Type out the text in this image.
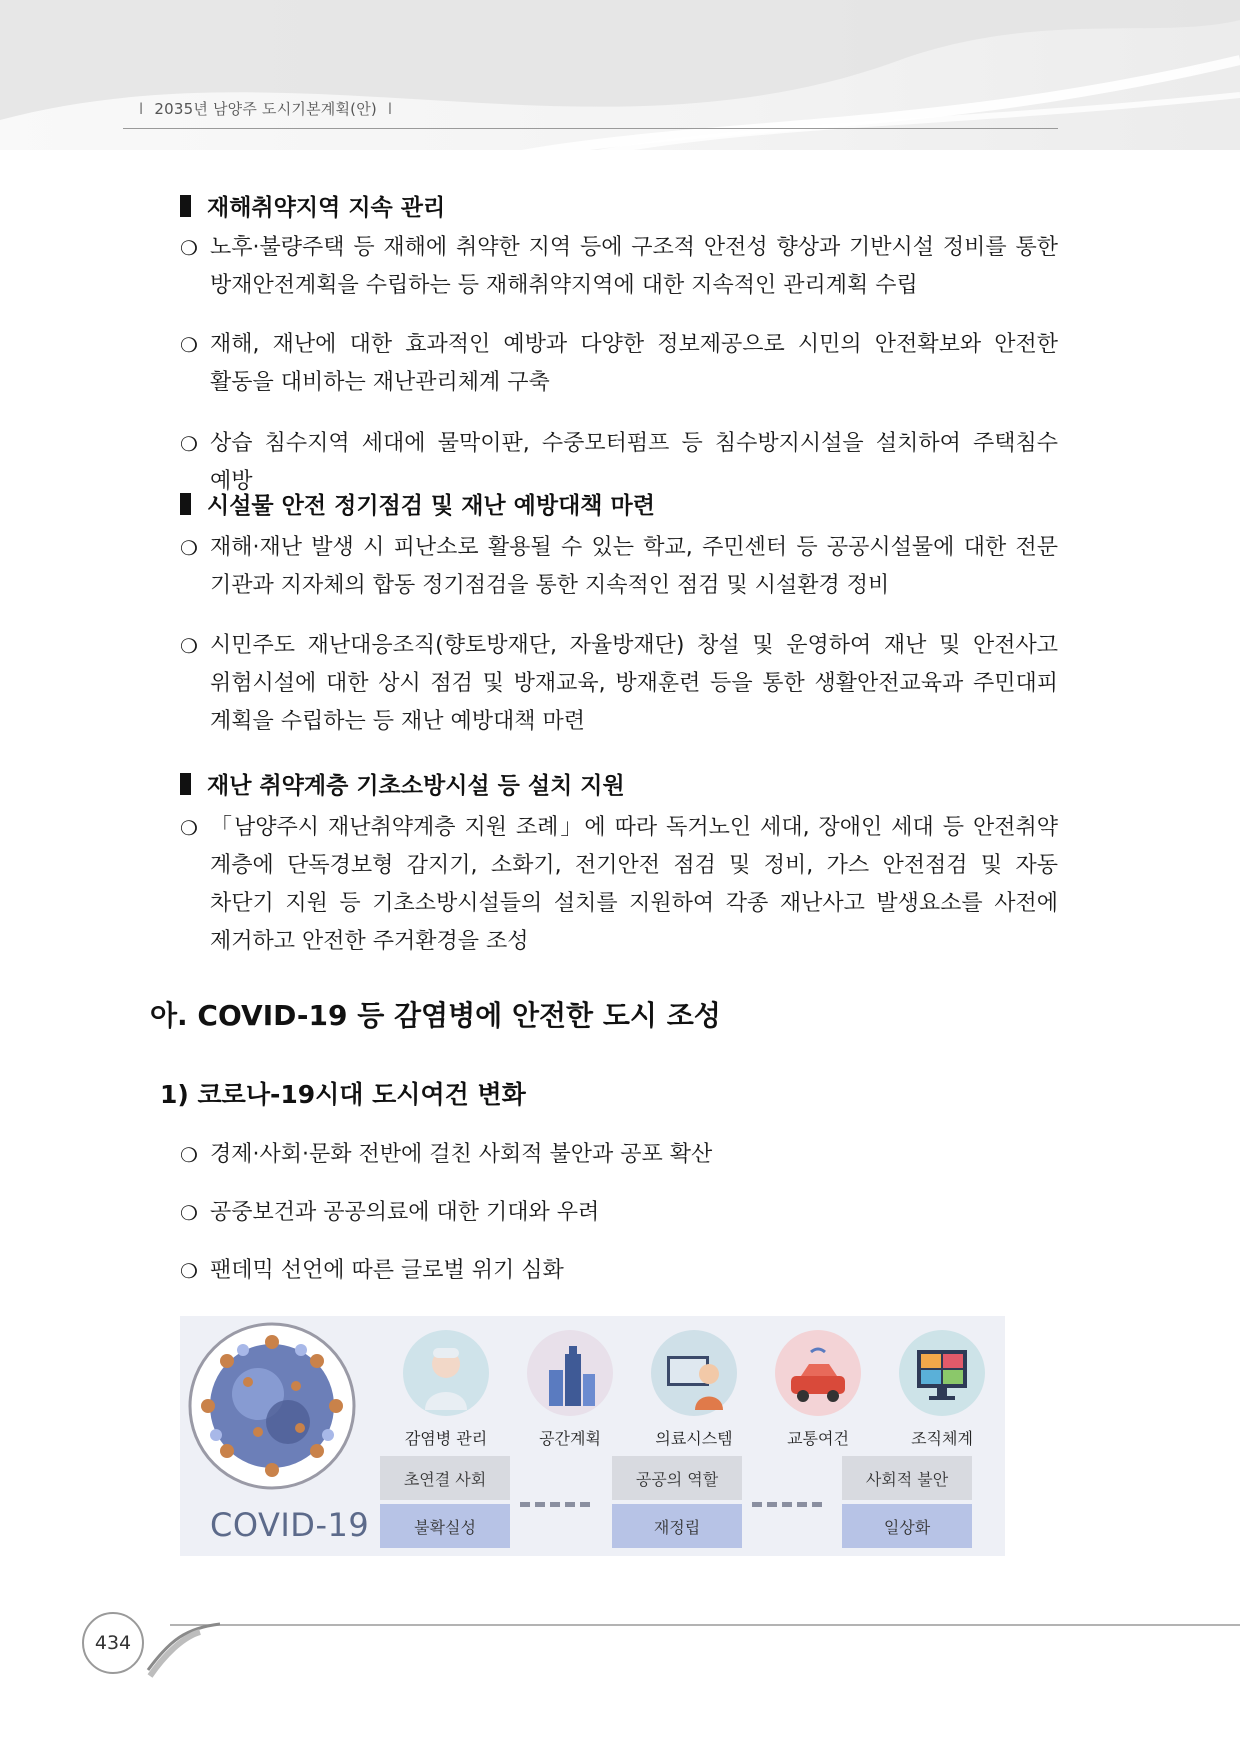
l 2035년 남양주 도시기본계획(안) l
재해취약지역 지속 관리
❍ 노후·불량주택 등 재해에 취약한 지역 등에 구조적 안전성 향상과 기반시설 정비를 통한
방재안전계획을 수립하는 등 재해취약지역에 대한 지속적인 관리계획 수립
❍ 재해, 재난에 대한 효과적인 예방과 다양한 정보제공으로 시민의 안전확보와 안전한
활동을 대비하는 재난관리체계 구축
❍ 상습 침수지역 세대에 물막이판, 수중모터펌프 등 침수방지시설을 설치하여 주택침수 예방
시설물 안전 정기점검 및 재난 예방대책 마련
❍ 재해·재난 발생 시 피난소로 활용될 수 있는 학교, 주민센터 등 공공시설물에 대한 전문
기관과 지자체의 합동 정기점검을 통한 지속적인 점검 및 시설환경 정비
❍ 시민주도 재난대응조직(향토방재단, 자율방재단) 창설 및 운영하여 재난 및 안전사고
위험시설에 대한 상시 점검 및 방재교육, 방재훈련 등을 통한 생활안전교육과 주민대피
계획을 수립하는 등 재난 예방대책 마련
재난 취약계층 기초소방시설 등 설치 지원
❍ 「남양주시 재난취약계층 지원 조례」에 따라 독거노인 세대, 장애인 세대 등 안전취약
계층에 단독경보형 감지기, 소화기, 전기안전 점검 및 정비, 가스 안전점검 및 자동
차단기 지원 등 기초소방시설들의 설치를 지원하여 각종 재난사고 발생요소를 사전에
제거하고 안전한 주거환경을 조성
아. COVID-19 등 감염병에 안전한 도시 조성
1) 코로나-19시대 도시여건 변화
❍ 경제·사회·문화 전반에 걸친 사회적 불안과 공포 확산
❍ 공중보건과 공공의료에 대한 기대와 우려
❍ 팬데믹 선언에 따른 글로벌 위기 심화
COVID-19
감염병 관리	공간계획	의료시스템	교통여건	조직체계
초연결 사회
불확실성
공공의 역할
재정립
사회적 불안
일상화
434
